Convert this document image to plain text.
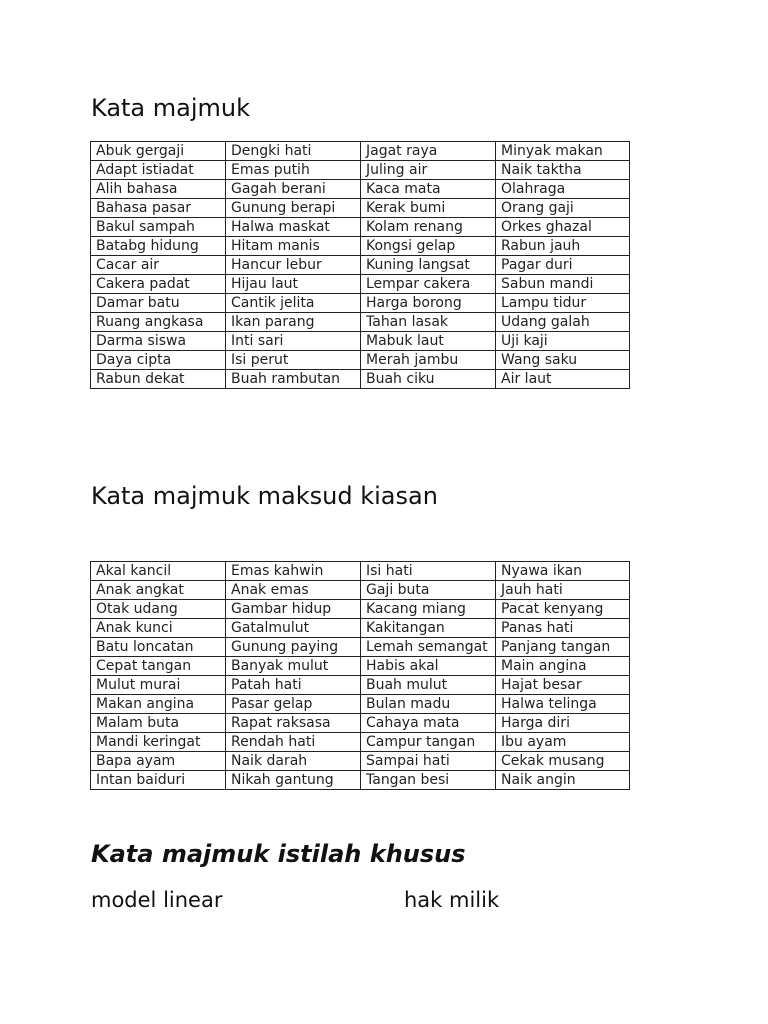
Kata majmuk
Abuk gergaji	Dengki hati	Jagat raya	Minyak makan
Adapt istiadat	Emas putih	Juling air	Naik taktha
Alih bahasa	Gagah berani	Kaca mata	Olahraga
Bahasa pasar	Gunung berapi	Kerak bumi	Orang gaji
Bakul sampah	Halwa maskat	Kolam renang	Orkes ghazal
Batabg hidung	Hitam manis	Kongsi gelap	Rabun jauh
Cacar air	Hancur lebur	Kuning langsat	Pagar duri
Cakera padat	Hijau laut	Lempar cakera	Sabun mandi
Damar batu	Cantik jelita	Harga borong	Lampu tidur
Ruang angkasa	Ikan parang	Tahan lasak	Udang galah
Darma siswa	Inti sari	Mabuk laut	Uji kaji
Daya cipta	Isi perut	Merah jambu	Wang saku
Rabun dekat	Buah rambutan	Buah ciku	Air laut
Kata majmuk maksud kiasan
Akal kancil	Emas kahwin	Isi hati	Nyawa ikan
Anak angkat	Anak emas	Gaji buta	Jauh hati
Otak udang	Gambar hidup	Kacang miang	Pacat kenyang
Anak kunci	Gatalmulut	Kakitangan	Panas hati
Batu loncatan	Gunung paying	Lemah semangat	Panjang tangan
Cepat tangan	Banyak mulut	Habis akal	Main angina
Mulut murai	Patah hati	Buah mulut	Hajat besar
Makan angina	Pasar gelap	Bulan madu	Halwa telinga
Malam buta	Rapat raksasa	Cahaya mata	Harga diri
Mandi keringat	Rendah hati	Campur tangan	Ibu ayam
Bapa ayam	Naik darah	Sampai hati	Cekak musang
Intan baiduri	Nikah gantung	Tangan besi	Naik angin
Kata majmuk istilah khusus
model linear	hak milik
